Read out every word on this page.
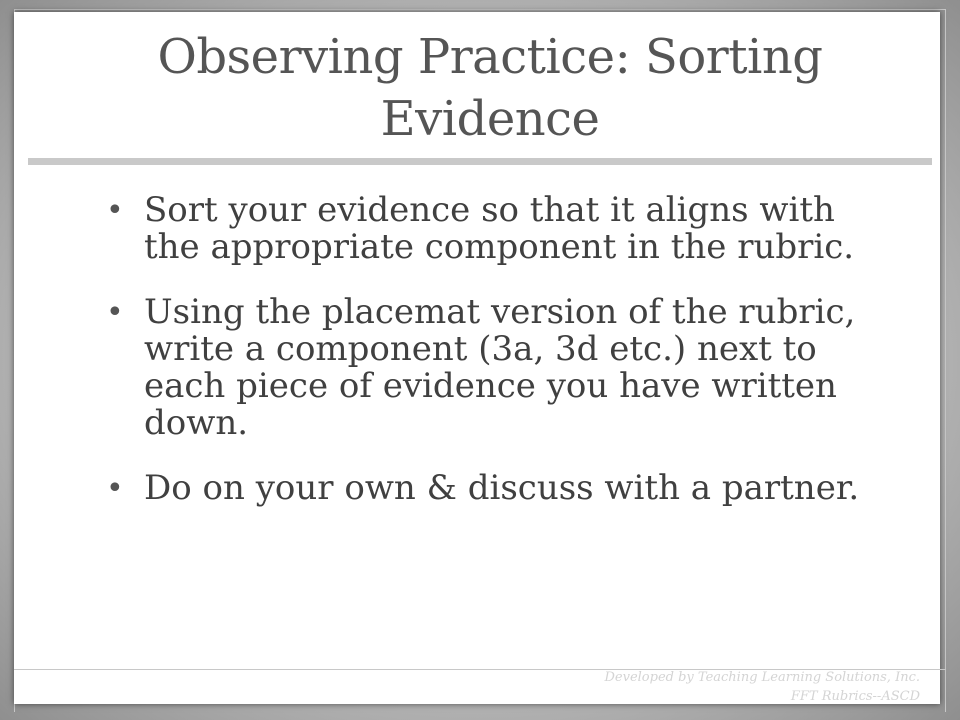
Observing Practice: Sorting Evidence
• Sort your evidence so that it aligns with the appropriate component in the rubric.
• Using the placemat version of the rubric, write a component (3a, 3d etc.) next to each piece of evidence you have written down.
• Do on your own & discuss with a partner.
Developed by Teaching Learning Solutions, Inc.
FFT Rubrics--ASCD
